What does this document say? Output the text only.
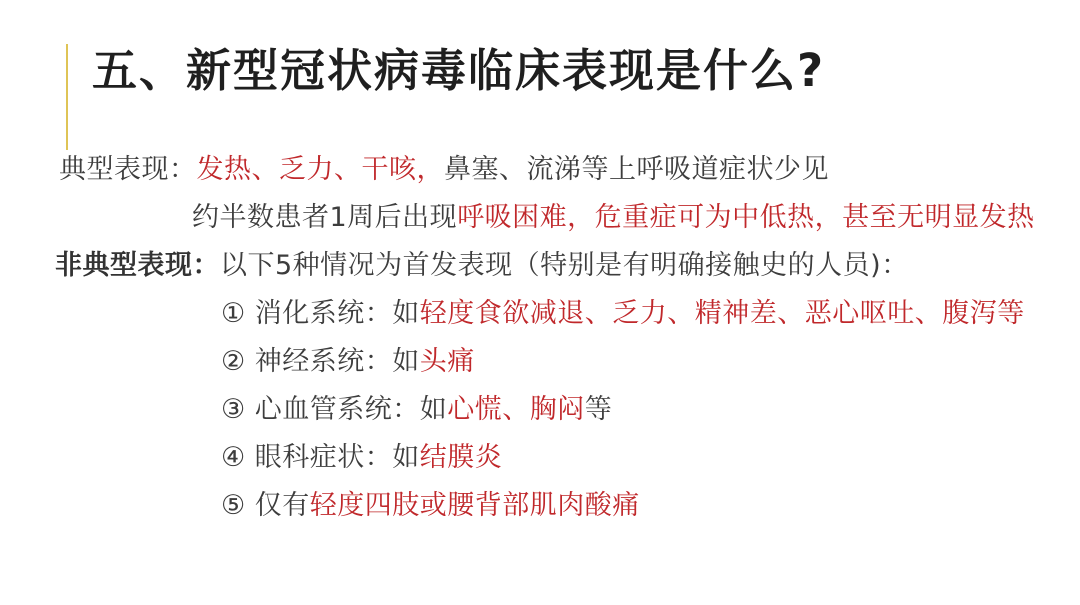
五、新型冠状病毒临床表现是什么?
典型表现：发热、乏力、干咳，鼻塞、流涕等上呼吸道症状少见
约半数患者1周后出现呼吸困难，危重症可为中低热，甚至无明显发热
非典型表现：以下5种情况为首发表现（特别是有明确接触史的人员)：
① 消化系统：如轻度食欲减退、乏力、精神差、恶心呕吐、腹泻等
② 神经系统：如头痛
③ 心血管系统：如心慌、胸闷等
④ 眼科症状：如结膜炎
⑤ 仅有轻度四肢或腰背部肌肉酸痛
